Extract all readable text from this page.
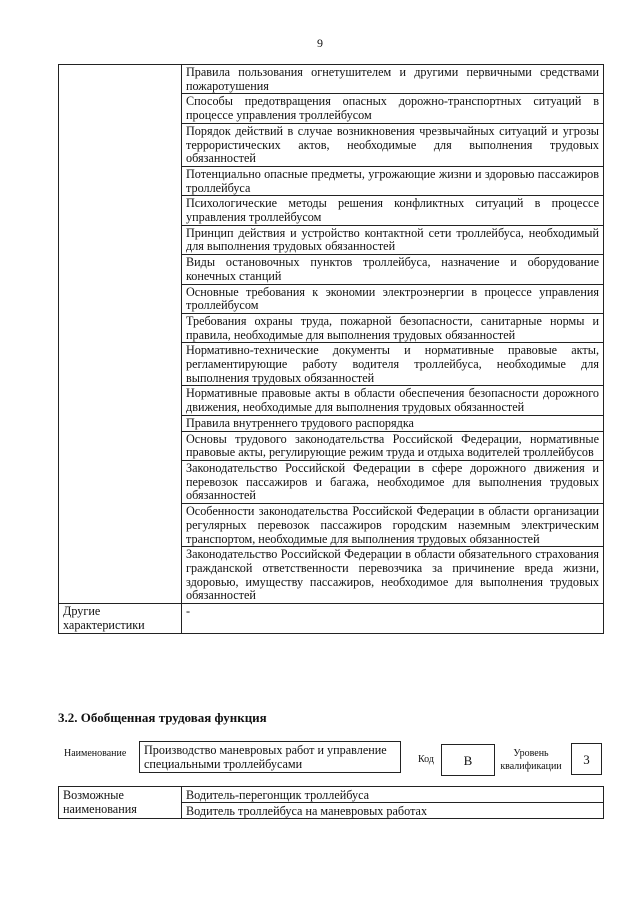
9
	Правила пользования огнетушителем и другими первичными средствами пожаротушения
	Способы предотвращения опасных дорожно-транспортных ситуаций в процессе управления троллейбусом
	Порядок действий в случае возникновения чрезвычайных ситуаций и угрозы террористических актов, необходимые для выполнения трудовых обязанностей
	Потенциально опасные предметы, угрожающие жизни и здоровью пассажиров троллейбуса
	Психологические методы решения конфликтных ситуаций в процессе управления троллейбусом
	Принцип действия и устройство контактной сети троллейбуса, необходимый для выполнения трудовых обязанностей
	Виды остановочных пунктов троллейбуса, назначение и оборудование конечных станций
	Основные требования к экономии электроэнергии в процессе управления троллейбусом
	Требования охраны труда, пожарной безопасности, санитарные нормы и правила, необходимые для выполнения трудовых обязанностей
	Нормативно-технические документы и нормативные правовые акты, регламентирующие работу водителя троллейбуса, необходимые для выполнения трудовых обязанностей
	Нормативные правовые акты в области обеспечения безопасности дорожного движения, необходимые для выполнения трудовых обязанностей
	Правила внутреннего трудового распорядка
	Основы трудового законодательства Российской Федерации, нормативные правовые акты, регулирующие режим труда и отдыха водителей троллейбусов
	Законодательство Российской Федерации в сфере дорожного движения и перевозок пассажиров и багажа, необходимое для выполнения трудовых обязанностей
	Особенности законодательства Российской Федерации в области организации регулярных перевозок пассажиров городским наземным электрическим транспортом, необходимые для выполнения трудовых обязанностей
	Законодательство Российской Федерации в области обязательного страхования гражданской ответственности перевозчика за причинение вреда жизни, здоровью, имуществу пассажиров, необходимое для выполнения трудовых обязанностей
Другие характеристики	-
3.2. Обобщенная трудовая функция
Наименование	Производство маневровых работ и управление специальными троллейбусами	Код	В	Уровень квалификации	3
Возможные наименования	Водитель-перегонщик троллейбуса
Водитель троллейбуса на маневровых работах
